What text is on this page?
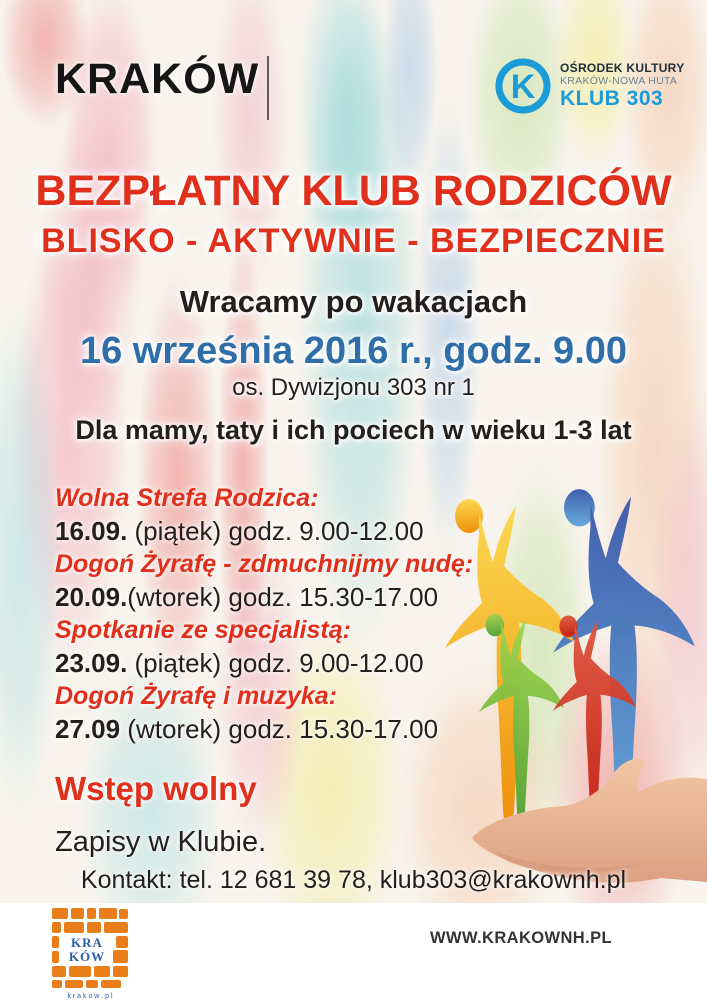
KRAKÓW	K OŚRODEK KULTURY
KRAKÓW-NOWA HUTA
KLUB 303
BEZPŁATNY KLUB RODZICÓW
BLISKO - AKTYWNIE - BEZPIECZNIE
Wracamy po wakacjach
16 września 2016 r., godz. 9.00
os. Dywizjonu 303 nr 1
Dla mamy, taty i ich pociech w wieku 1-3 lat
Wolna Strefa Rodzica:
16.09. (piątek) godz. 9.00-12.00
Dogoń Żyrafę - zdmuchnijmy nudę:
20.09.(wtorek) godz. 15.30-17.00
Spotkanie ze specjalistą:
23.09. (piątek) godz. 9.00-12.00
Dogoń Żyrafę i muzyka:
27.09 (wtorek) godz. 15.30-17.00
Wstęp wolny
Zapisy w Klubie.
Kontakt: tel. 12 681 39 78, klub303@krakownh.pl
KRA
KÓW
k r a k o w . p l
WWW.KRAKOWNH.PL
